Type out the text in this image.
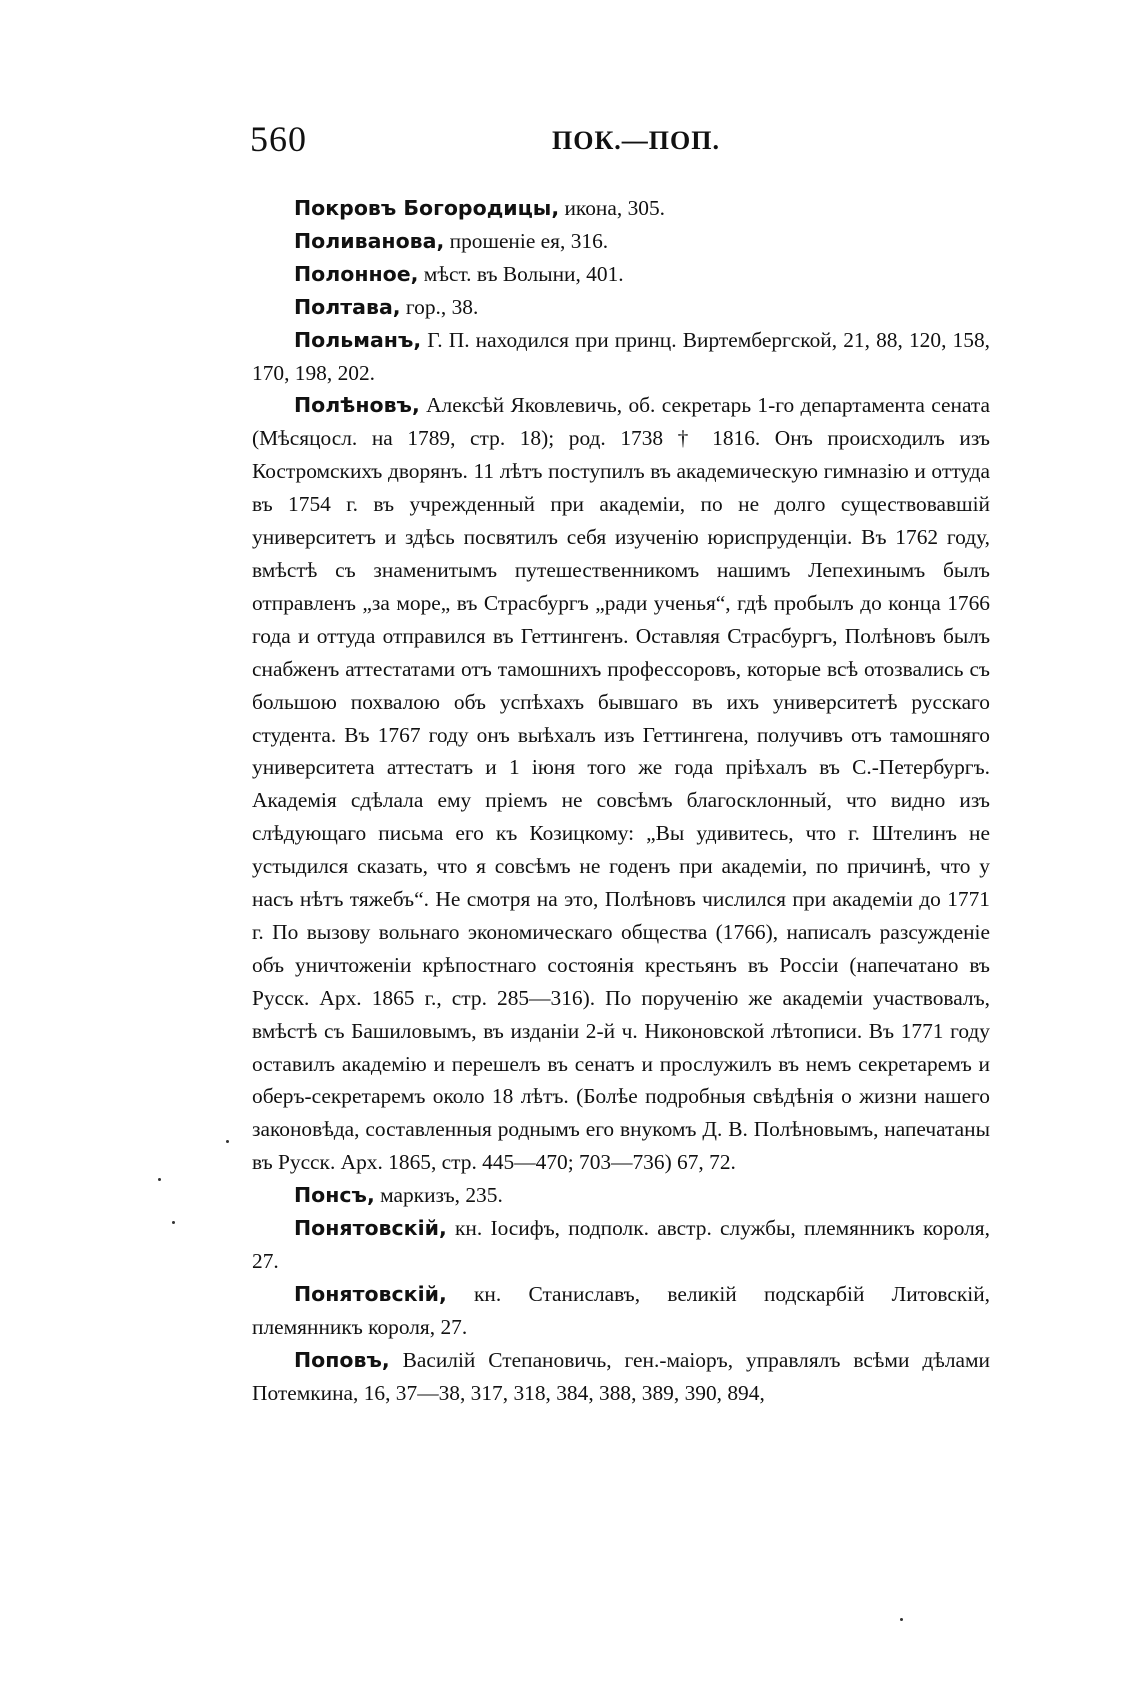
560	ПОК.—ПОП.

Покровъ Богородицы, икона, 305.

Поливанова, прошеніе ея, 316.

Полонное, мѣст. въ Волыни, 401.

Полтава, гор., 38.

Польманъ, Г. П. находился при принц. Виртембергской, 21, 88, 120, 158, 170, 198, 202.

Полѣновъ, Алексѣй Яковлевичь, об. секретарь 1-го департамента сената (Мѣсяцосл. на 1789, стр. 18); род. 1738 † 1816. Онъ происходилъ изъ Костромскихъ дворянъ. 11 лѣтъ поступилъ въ академическую гимназію и оттуда въ 1754 г. въ учрежденный при академіи, по не долго существовавшій университетъ и здѣсь посвятилъ себя изученію юриспруденціи. Въ 1762 году, вмѣстѣ съ знаменитымъ путешественникомъ нашимъ Лепехинымъ былъ отправленъ „за море„ въ Страсбургъ „ради ученья“, гдѣ пробылъ до конца 1766 года и оттуда отправился въ Геттингенъ. Оставляя Страсбургъ, Полѣновъ былъ снабженъ аттестатами отъ тамошнихъ профессоровъ, которые всѣ отозвались съ большою похвалою объ успѣхахъ бывшаго въ ихъ университетѣ русскаго студента. Въ 1767 году онъ выѣхалъ изъ Геттингена, получивъ отъ тамошняго университета аттестатъ и 1 іюня того же года пріѣхалъ въ С.-Петербургъ. Академія сдѣлала ему пріемъ не совсѣмъ благосклонный, что видно изъ слѣдующаго письма его къ Козицкому: „Вы удивитесь, что г. Штелинъ не устыдился сказать, что я совсѣмъ не годенъ при академіи, по причинѣ, что у насъ нѣтъ тяжебъ“. Не смотря на это, Полѣновъ числился при академіи до 1771 г. По вызову вольнаго экономическаго общества (1766), написалъ разсужденіе объ уничтоженіи крѣпостнаго состоянія крестьянъ въ Россіи (напечатано въ Русск. Арх. 1865 г., стр. 285—316). По порученію же академіи участвовалъ, вмѣстѣ съ Башиловымъ, въ изданіи 2-й ч. Никоновской лѣтописи. Въ 1771 году оставилъ академію и перешелъ въ сенатъ и прослужилъ въ немъ секретаремъ и оберъ-секретаремъ около 18 лѣтъ. (Болѣе подробныя свѣдѣнія о жизни нашего законовѣда, составленныя роднымъ его внукомъ Д. В. Полѣновымъ, напечатаны въ Русск. Арх. 1865, стр. 445—470; 703—736) 67, 72.

Понсъ, маркизъ, 235.

Понятовскій, кн. Іосифъ, подполк. австр. службы, племянникъ короля, 27.

Понятовскій, кн. Станиславъ, великій подскарбій Литовскій, племянникъ короля, 27.

Поповъ, Василій Степановичь, ген.-маіоръ, управлялъ всѣми дѣлами Потемкина, 16, 37—38, 317, 318, 384, 388, 389, 390, 894,
